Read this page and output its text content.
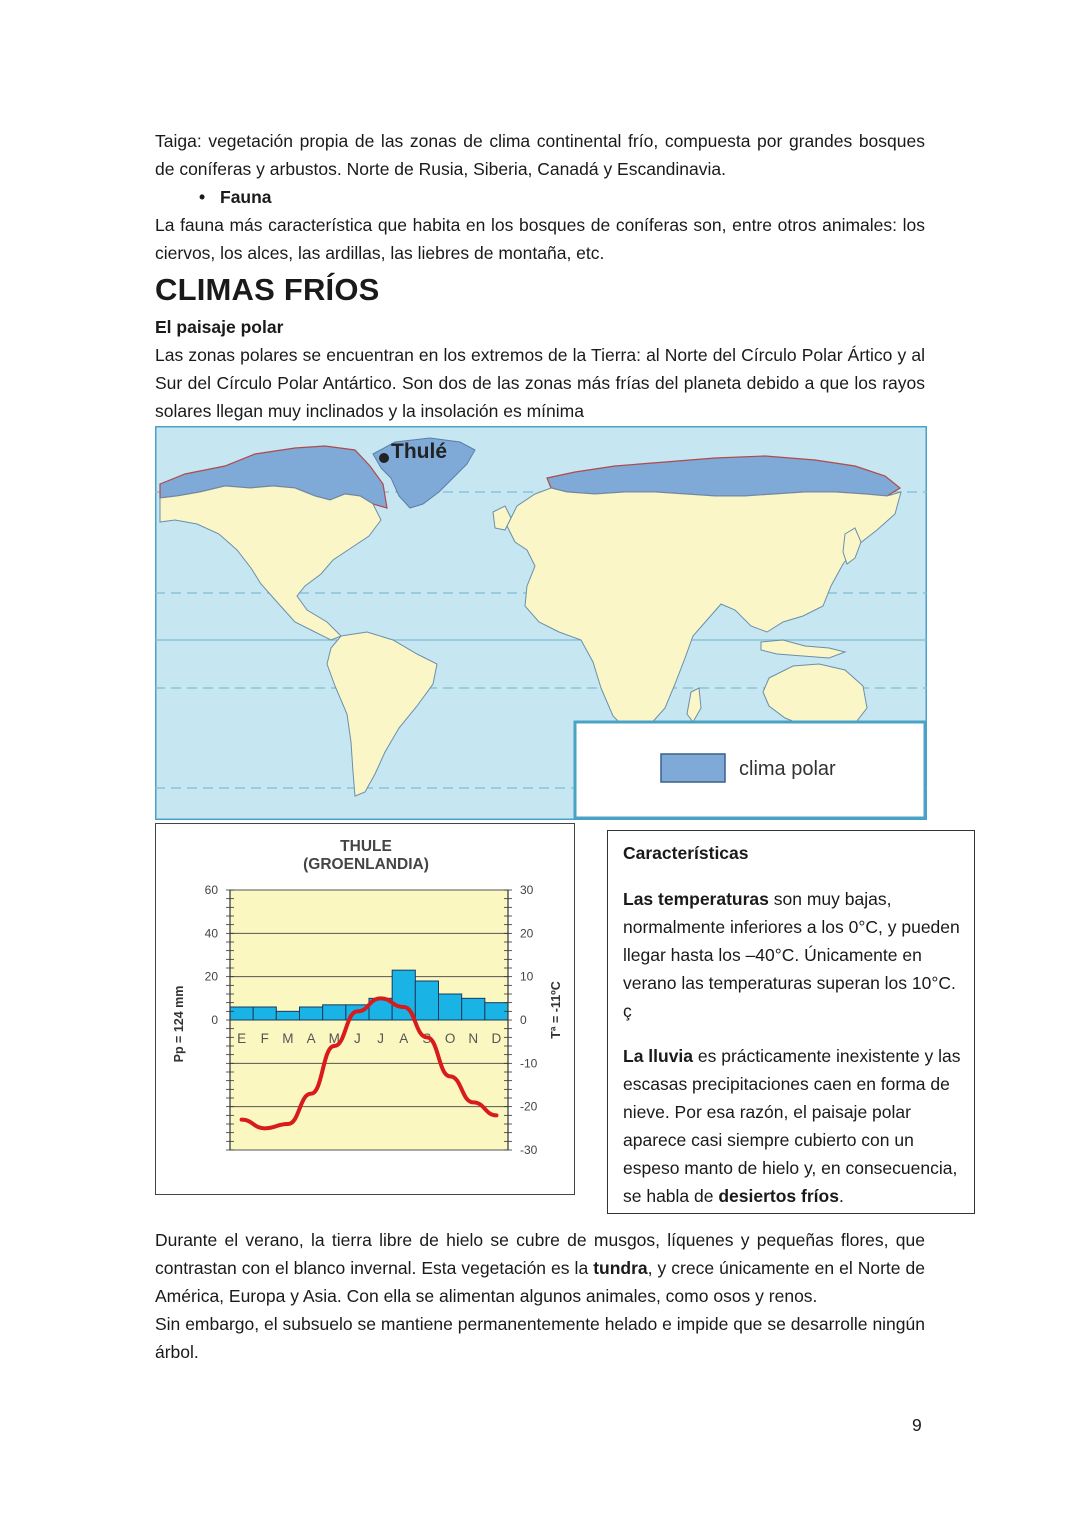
Taiga: vegetación propia de las zonas de clima continental frío, compuesta por grandes bosques de coníferas y arbustos. Norte de Rusia, Siberia, Canadá y Escandinavia.

• Fauna

La fauna más característica que habita en los bosques de coníferas son, entre otros animales: los ciervos, los alces, las ardillas, las liebres de montaña, etc.

CLIMAS FRÍOS

El paisaje polar

Las zonas polares se encuentran en los extremos de la Tierra: al Norte del Círculo Polar Ártico y al Sur del Círculo Polar Antártico. Son dos de las zonas más frías del planeta debido a que los rayos solares llegan muy inclinados y la insolación es mínima

Thulé
clima polar
THULE
(GROENLANDIA)
60
40
20
0
30
20
10
0
-10
-20
-30
E F M A M J J A S O N D
Pp = 124 mm	Tª = -11ºC
Características
Las temperaturas son muy bajas, normalmente inferiores a los 0°C, y pueden llegar hasta los –40°C. Únicamente en verano las temperaturas superan los 10°C. ç
La lluvia es prácticamente inexistente y las escasas precipitaciones caen en forma de nieve. Por esa razón, el paisaje polar aparece casi siempre cubierto con un espeso manto de hielo y, en consecuencia, se habla de desiertos fríos.

Durante el verano, la tierra libre de hielo se cubre de musgos, líquenes y pequeñas flores, que contrastan con el blanco invernal. Esta vegetación es la tundra, y crece únicamente en el Norte de América, Europa y Asia. Con ella se alimentan algunos animales, como osos y renos.

Sin embargo, el subsuelo se mantiene permanentemente helado e impide que se desarrolle ningún árbol.

9
